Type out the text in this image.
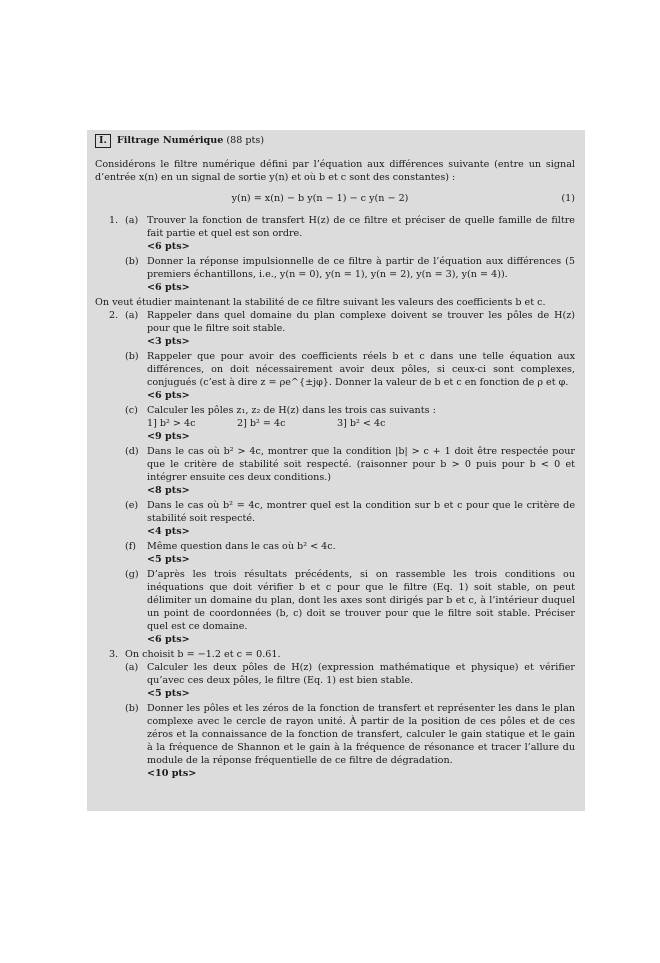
I. Filtrage Numérique (88 pts)

Considérons le filtre numérique défini par l’équation aux différences suivante (entre un signal d’entrée x(n) en un signal de sortie y(n) et où b et c sont des constantes) :

y(n) = x(n) − b y(n − 1) − c y(n − 2)	(1)
1. (a) Trouver la fonction de transfert H(z) de ce filtre et préciser de quelle famille de filtre fait partie et quel est son ordre.

<6 pts>
(b) Donner la réponse impulsionnelle de ce filtre à partir de l’équation aux différences (5 premiers échantillons, i.e., y(n = 0), y(n = 1), y(n = 2), y(n = 3), y(n = 4)).

<6 pts>

On veut étudier maintenant la stabilité de ce filtre suivant les valeurs des coefficients b et c.

2. (a) Rappeler dans quel domaine du plan complexe doivent se trouver les pôles de H(z) pour que le filtre soit stable.

<3 pts>
(b) Rappeler que pour avoir des coefficients réels b et c dans une telle équation aux différences, on doit nécessairement avoir deux pôles, si ceux-ci sont complexes, conjugués (c’est à dire z = ρe^{±jφ}. Donner la valeur de b et c en fonction de ρ et φ.

<6 pts>
(c) Calculer les pôles z₁, z₂ de H(z) dans les trois cas suivants :

1] b² > 4c	2] b² = 4c	3] b² < 4c
<9 pts>
(d) Dans le cas où b² > 4c, montrer que la condition |b| > c + 1 doit être respectée pour que le critère de stabilité soit respecté. (raisonner pour b > 0 puis pour b < 0 et intégrer ensuite ces deux conditions.)

<8 pts>
(e) Dans le cas où b² = 4c, montrer quel est la condition sur b et c pour que le critère de stabilité soit respecté.

<4 pts>
(f) Même question dans le cas où b² < 4c.

<5 pts>
(g) D’après les trois résultats précédents, si on rassemble les trois conditions ou inéquations que doit vérifier b et c pour que le filtre (Eq. 1) soit stable, on peut délimiter un domaine du plan, dont les axes sont dirigés par b et c, à l’intérieur duquel un point de coordonnées (b, c) doit se trouver pour que le filtre soit stable. Préciser quel est ce domaine.

<6 pts>
3. On choisit b = −1.2 et c = 0.61.

(a) Calculer les deux pôles de H(z) (expression mathématique et physique) et vérifier qu’avec ces deux pôles, le filtre (Eq. 1) est bien stable.

<5 pts>
(b) Donner les pôles et les zéros de la fonction de transfert et représenter les dans le plan complexe avec le cercle de rayon unité. À partir de la position de ces pôles et de ces zéros et la connaissance de la fonction de transfert, calculer le gain statique et le gain à la fréquence de Shannon et le gain à la fréquence de résonance et tracer l’allure du module de la réponse fréquentielle de ce filtre de dégradation.

<10 pts>
